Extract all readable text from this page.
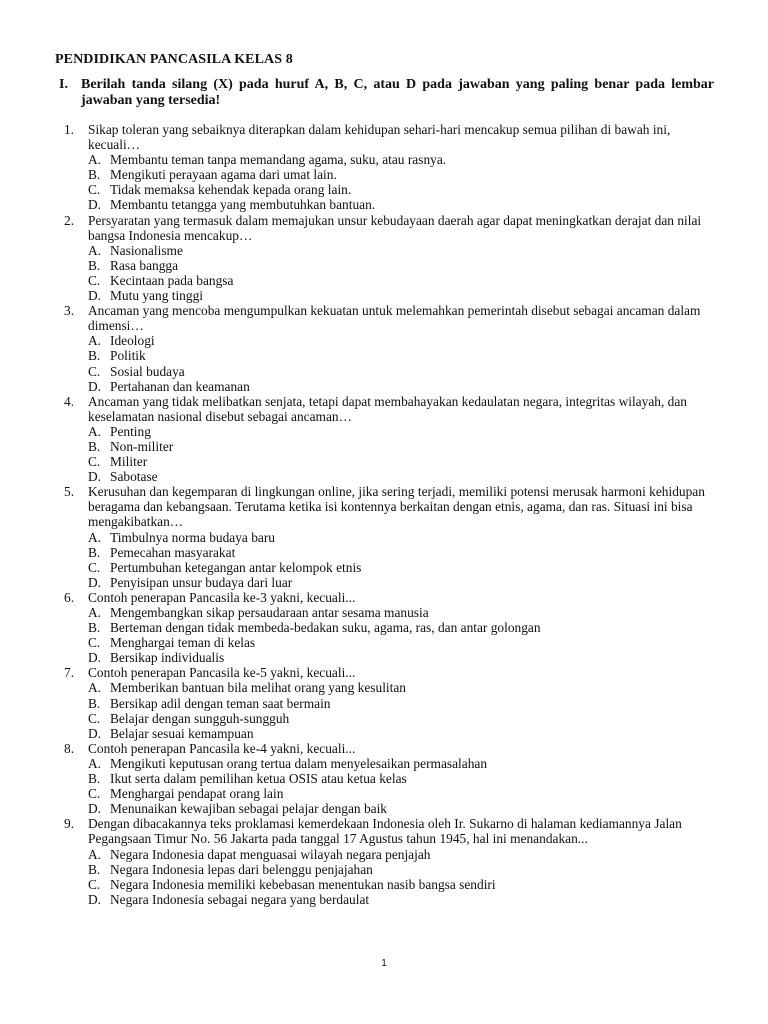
PENDIDIKAN PANCASILA KELAS 8
I. Berilah tanda silang (X) pada huruf A, B, C, atau D pada jawaban yang paling benar pada lembar jawaban yang tersedia!
1. Sikap toleran yang sebaiknya diterapkan dalam kehidupan sehari-hari mencakup semua pilihan di bawah ini, kecuali…
A. Membantu teman tanpa memandang agama, suku, atau rasnya.
B. Mengikuti perayaan agama dari umat lain.
C. Tidak memaksa kehendak kepada orang lain.
D. Membantu tetangga yang membutuhkan bantuan.
2. Persyaratan yang termasuk dalam memajukan unsur kebudayaan daerah agar dapat meningkatkan derajat dan nilai bangsa Indonesia mencakup…
A. Nasionalisme
B. Rasa bangga
C. Kecintaan pada bangsa
D. Mutu yang tinggi
3. Ancaman yang mencoba mengumpulkan kekuatan untuk melemahkan pemerintah disebut sebagai ancaman dalam dimensi…
A. Ideologi
B. Politik
C. Sosial budaya
D. Pertahanan dan keamanan
4. Ancaman yang tidak melibatkan senjata, tetapi dapat membahayakan kedaulatan negara, integritas wilayah, dan keselamatan nasional disebut sebagai ancaman…
A. Penting
B. Non-militer
C. Militer
D. Sabotase
5. Kerusuhan dan kegemparan di lingkungan online, jika sering terjadi, memiliki potensi merusak harmoni kehidupan beragama dan kebangsaan. Terutama ketika isi kontennya berkaitan dengan etnis, agama, dan ras. Situasi ini bisa mengakibatkan…
A. Timbulnya norma budaya baru
B. Pemecahan masyarakat
C. Pertumbuhan ketegangan antar kelompok etnis
D. Penyisipan unsur budaya dari luar
6. Contoh penerapan Pancasila ke-3 yakni, kecuali...
A. Mengembangkan sikap persaudaraan antar sesama manusia
B. Berteman dengan tidak membeda-bedakan suku, agama, ras, dan antar golongan
C. Menghargai teman di kelas
D. Bersikap individualis
7. Contoh penerapan Pancasila ke-5 yakni, kecuali...
A. Memberikan bantuan bila melihat orang yang kesulitan
B. Bersikap adil dengan teman saat bermain
C. Belajar dengan sungguh-sungguh
D. Belajar sesuai kemampuan
8. Contoh penerapan Pancasila ke-4 yakni, kecuali...
A. Mengikuti keputusan orang tertua dalam menyelesaikan permasalahan
B. Ikut serta dalam pemilihan ketua OSIS atau ketua kelas
C. Menghargai pendapat orang lain
D. Menunaikan kewajiban sebagai pelajar dengan baik
9. Dengan dibacakannya teks proklamasi kemerdekaan Indonesia oleh Ir. Sukarno di halaman kediamannya Jalan Pegangsaan Timur No. 56 Jakarta pada tanggal 17 Agustus tahun 1945, hal ini menandakan...
A. Negara Indonesia dapat menguasai wilayah negara penjajah
B. Negara Indonesia lepas dari belenggu penjajahan
C. Negara Indonesia memiliki kebebasan menentukan nasib bangsa sendiri
D. Negara Indonesia sebagai negara yang berdaulat
1
